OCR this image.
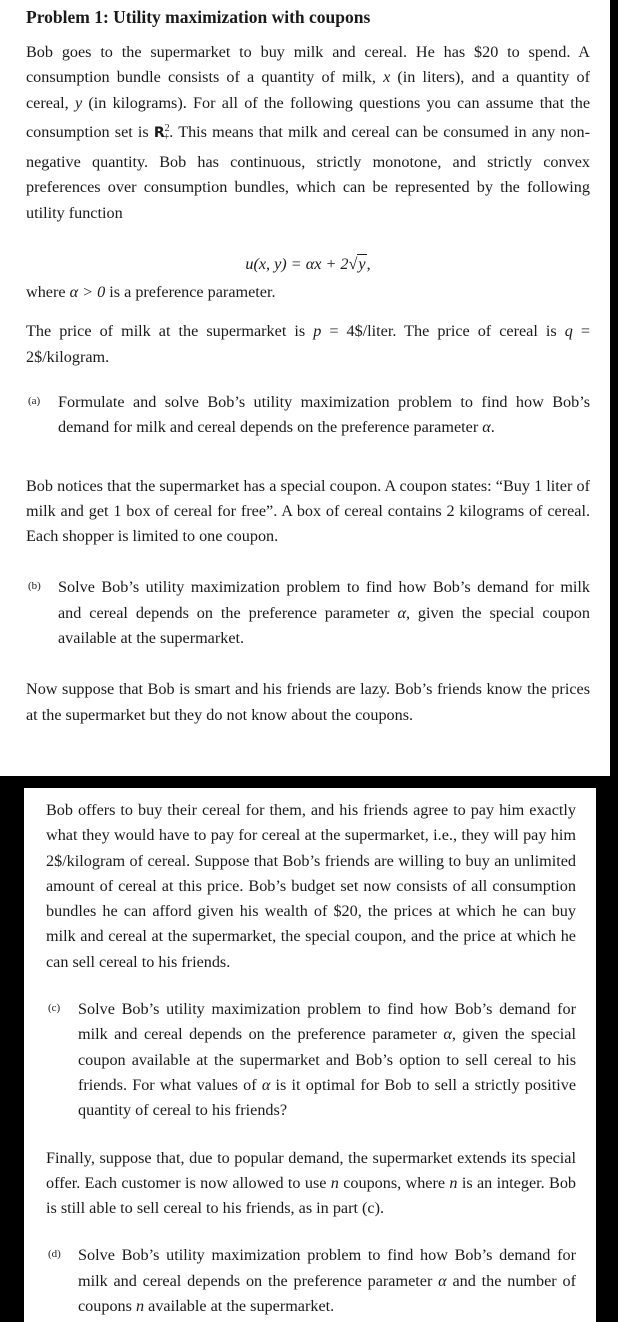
Problem 1: Utility maximization with coupons

Bob goes to the supermarket to buy milk and cereal. He has $20 to spend. A consumption bundle consists of a quantity of milk, x (in liters), and a quantity of cereal, y (in kilograms). For all of the following questions you can assume that the consumption set is $R^2_+$. This means that milk and cereal can be consumed in any non-negative quantity. Bob has continuous, strictly monotone, and strictly convex preferences over consumption bundles, which can be represented by the following utility function

u(x, y) = αx + 2√y,

where α > 0 is a preference parameter.

The price of milk at the supermarket is p = 4$/liter. The price of cereal is q = 2$/kilogram.

(a)	Formulate and solve Bob’s utility maximization problem to find how Bob’s demand for milk and cereal depends on the preference parameter α.

Bob notices that the supermarket has a special coupon. A coupon states: “Buy 1 liter of milk and get 1 box of cereal for free”. A box of cereal contains 2 kilograms of cereal. Each shopper is limited to one coupon.

(b)	Solve Bob’s utility maximization problem to find how Bob’s demand for milk and cereal depends on the preference parameter α, given the special coupon available at the supermarket.

Now suppose that Bob is smart and his friends are lazy. Bob’s friends know the prices at the supermarket but they do not know about the coupons.

Bob offers to buy their cereal for them, and his friends agree to pay him exactly what they would have to pay for cereal at the supermarket, i.e., they will pay him 2$/kilogram of cereal. Suppose that Bob’s friends are willing to buy an unlimited amount of cereal at this price. Bob’s budget set now consists of all consumption bundles he can afford given his wealth of $20, the prices at which he can buy milk and cereal at the supermarket, the special coupon, and the price at which he can sell cereal to his friends.

(c)	Solve Bob’s utility maximization problem to find how Bob’s demand for milk and cereal depends on the preference parameter α, given the special coupon available at the supermarket and Bob’s option to sell cereal to his friends. For what values of α is it optimal for Bob to sell a strictly positive quantity of cereal to his friends?

Finally, suppose that, due to popular demand, the supermarket extends its special offer. Each customer is now allowed to use n coupons, where n is an integer. Bob is still able to sell cereal to his friends, as in part (c).

(d)	Solve Bob’s utility maximization problem to find how Bob’s demand for milk and cereal depends on the preference parameter α and the number of coupons n available at the supermarket.
